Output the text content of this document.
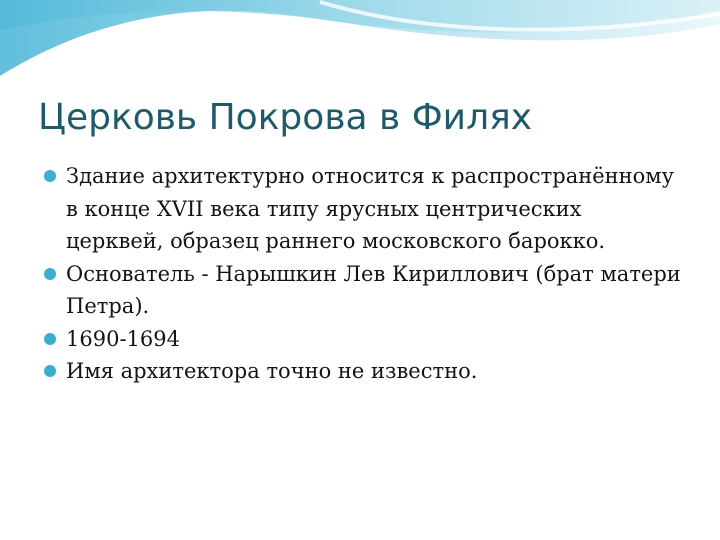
Церковь Покрова в Филях
Здание архитектурно относится к распространённому в конце XVII века типу ярусных центрических церквей, образец раннего московского барокко.
Основатель - Нарышкин Лев Кириллович (брат матери Петра).
1690-1694
Имя архитектора точно не известно.
